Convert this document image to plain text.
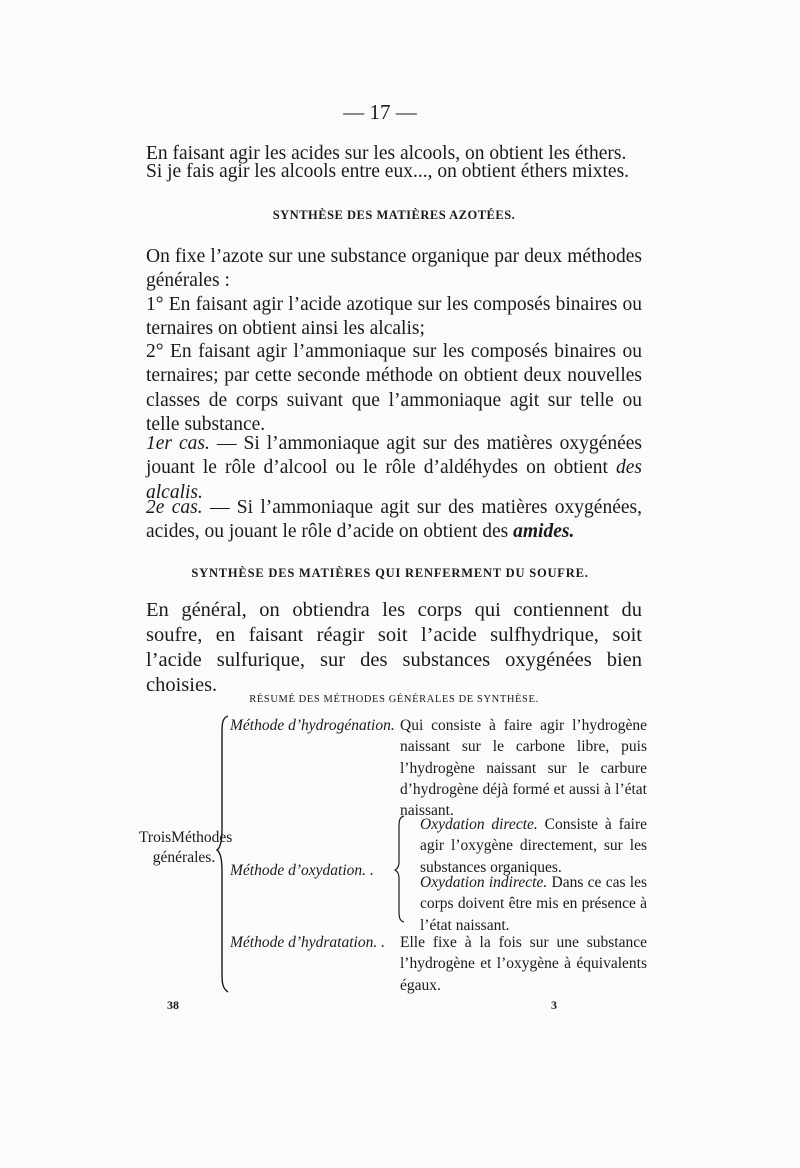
— 17 —

En faisant agir les acides sur les alcools, on obtient les éthers.

Si je fais agir les alcools entre eux..., on obtient éthers mixtes.

SYNTHÈSE DES MATIÈRES AZOTÉES.

On fixe l’azote sur une substance organique par deux méthodes générales :

1° En faisant agir l’acide azotique sur les composés binaires ou ternaires on obtient ainsi les alcalis;

2° En faisant agir l’ammoniaque sur les composés binaires ou ternaires; par cette seconde méthode on obtient deux nouvelles classes de corps suivant que l’ammoniaque agit sur telle ou telle substance.

1er cas. — Si l’ammoniaque agit sur des matières oxygénées jouant le rôle d’alcool ou le rôle d’aldéhydes on obtient des alcalis.

2e cas. — Si l’ammoniaque agit sur des matières oxygénées, acides, ou jouant le rôle d’acide on obtient des amides.

SYNTHÈSE DES MATIÈRES QUI RENFERMENT DU SOUFRE.

En général, on obtiendra les corps qui contiennent du soufre, en faisant réagir soit l’acide sulfhydrique, soit l’acide sulfurique, sur des substances oxygénées bien choisies.

RÉSUMÉ DES MÉTHODES GÉNÉRALES DE SYNTHÈSE.
TroisMéthodes
générales.
Méthode d’hydrogénation. Qui consiste à faire agir l’hydrogène naissant sur le carbone libre, puis l’hydrogène naissant sur le carbure d’hydrogène déjà formé et aussi à l’état naissant.

Méthode d’oxydation. .

Oxydation directe. Consiste à faire agir l’oxygène directement, sur les substances organiques.

Oxydation indirecte. Dans ce cas les corps doivent être mis en présence à l’état naissant.

Méthode d’hydratation. . Elle fixe à la fois sur une substance l’hydrogène et l’oxygène à équivalents égaux.

38	3
